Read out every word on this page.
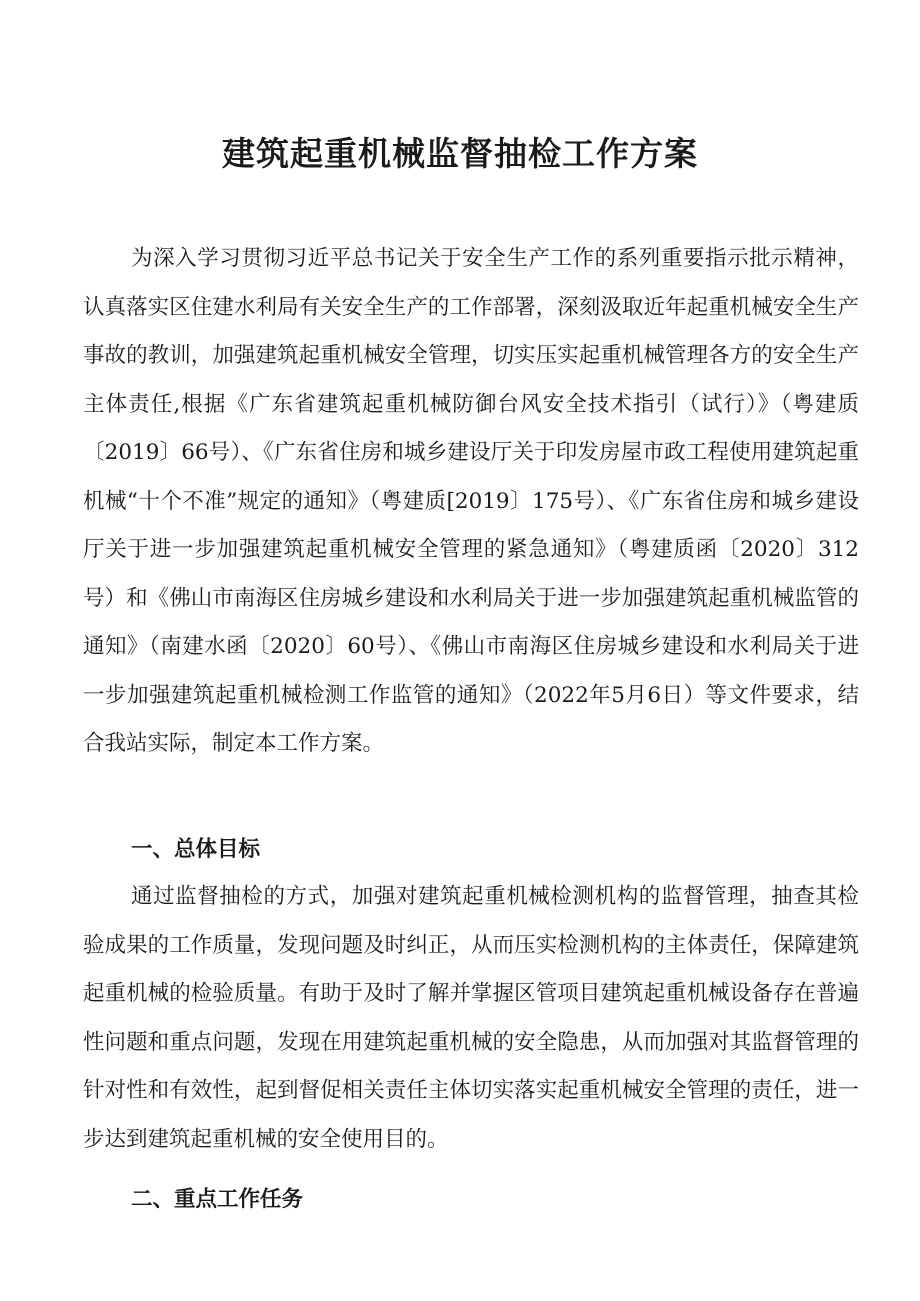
建筑起重机械监督抽检工作方案

为深入学习贯彻习近平总书记关于安全生产工作的系列重要指示批示精神，认真落实区住建水利局有关安全生产的工作部署，深刻汲取近年起重机械安全生产事故的教训，加强建筑起重机械安全管理，切实压实起重机械管理各方的安全生产主体责任,根据《广东省建筑起重机械防御台风安全技术指引（试行）》（粤建质〔2019〕66号）、《广东省住房和城乡建设厅关于印发房屋市政工程使用建筑起重机械“十个不准”规定的通知》（粤建质[2019〕175号）、《广东省住房和城乡建设厅关于进一步加强建筑起重机械安全管理的紧急通知》（粤建质函〔2020〕312号）和《佛山市南海区住房城乡建设和水利局关于进一步加强建筑起重机械监管的通知》（南建水函〔2020〕60号）、《佛山市南海区住房城乡建设和水利局关于进一步加强建筑起重机械检测工作监管的通知》（2022年5月6日）等文件要求，结合我站实际，制定本工作方案。

一、总体目标

通过监督抽检的方式，加强对建筑起重机械检测机构的监督管理，抽查其检验成果的工作质量，发现问题及时纠正，从而压实检测机构的主体责任，保障建筑起重机械的检验质量。有助于及时了解并掌握区管项目建筑起重机械设备存在普遍性问题和重点问题，发现在用建筑起重机械的安全隐患，从而加强对其监督管理的针对性和有效性，起到督促相关责任主体切实落实起重机械安全管理的责任，进一步达到建筑起重机械的安全使用目的。

二、重点工作任务
